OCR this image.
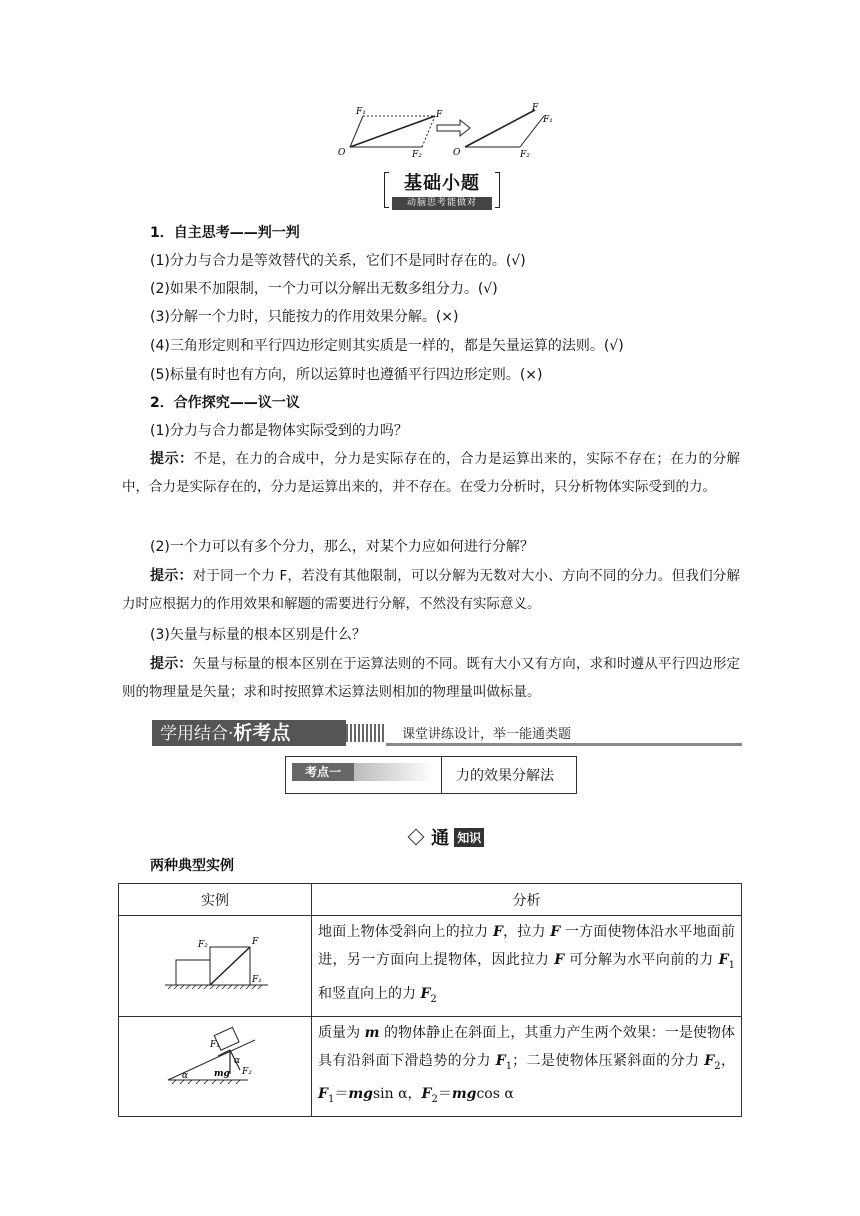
F₁	F
O	F₂
F
F₁
O	F₂
基础小题
动脑思考能做对
1．自主思考——判一判
(1)分力与合力是等效替代的关系，它们不是同时存在的。(√)
(2)如果不加限制，一个力可以分解出无数多组分力。(√)
(3)分解一个力时，只能按力的作用效果分解。(×)
(4)三角形定则和平行四边形定则其实质是一样的，都是矢量运算的法则。(√)
(5)标量有时也有方向，所以运算时也遵循平行四边形定则。(×)
2．合作探究——议一议
(1)分力与合力都是物体实际受到的力吗？
提示：不是，在力的合成中，分力是实际存在的，合力是运算出来的，实际不存在；在力的分解中，合力是实际存在的，分力是运算出来的，并不存在。在受力分析时，只分析物体实际受到的力。
(2)一个力可以有多个分力，那么，对某个力应如何进行分解？
提示：对于同一个力 F，若没有其他限制，可以分解为无数对大小、方向不同的分力。但我们分解力时应根据力的作用效果和解题的需要进行分解，不然没有实际意义。
(3)矢量与标量的根本区别是什么？
提示：矢量与标量的根本区别在于运算法则的不同。既有大小又有方向，求和时遵从平行四边形定则的物理量是矢量；求和时按照算术运算法则相加的物理量叫做标量。
学用结合·析考点	课堂讲练设计，举一能通类题
考点一	力的效果分解法
通 知识
两种典型实例
实例	分析

F₂ F
F₁	地面上物体受斜向上的拉力 F，拉力 F 一方面使物体沿水平地面前进，另一方面向上提物体，因此拉力 F 可分解为水平向前的力 $F_1$ 和竖直向上的力 $F_2$

F₁
α
F₂
mg
α	质量为 m 的物体静止在斜面上，其重力产生两个效果：一是使物体具有沿斜面下滑趋势的分力 $F_1$；二是使物体压紧斜面的分力 $F_2$，$F_1=mgsin$ α，$F_2=mgcos$ α
